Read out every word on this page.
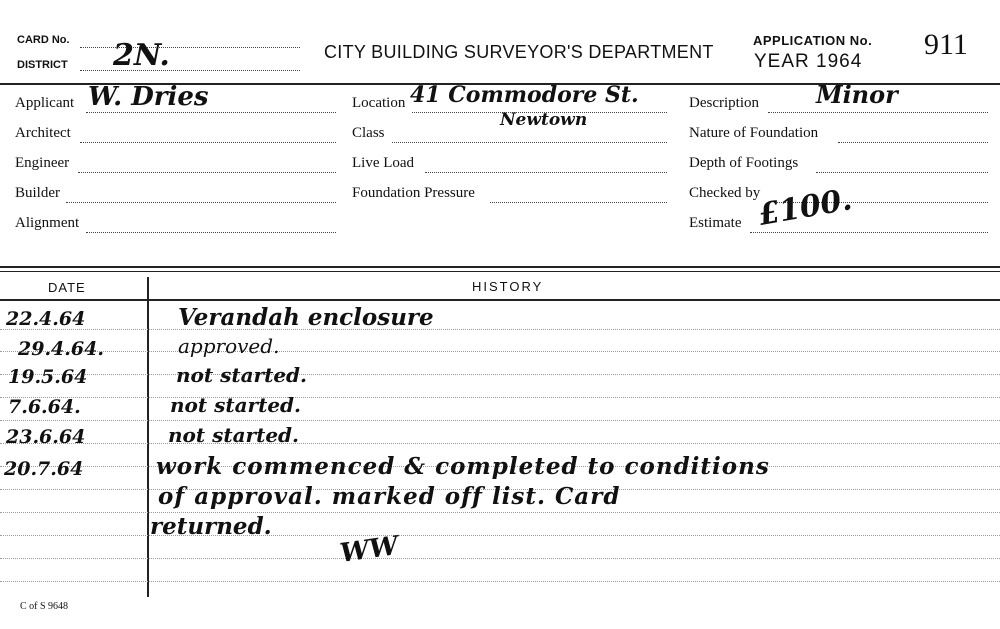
CARD No.
DISTRICT 2N.	CITY BUILDING SURVEYOR'S DEPARTMENT
APPLICATION No.
YEAR 1964
911
Applicant W. Dries
Architect
Engineer
Builder
Alignment
Location 41 Commodore St.
Class
Newtown
Live Load
Foundation Pressure
Description Minor
Nature of Foundation
Depth of Footings
Checked by
Estimate £100.
DATE	HISTORY
22.4.64	Verandah enclosure
29.4.64.	approved.
19.5.64	not started.
7.6.64.	not started.
23.6.64	not started.
20.7.64	work commenced & completed to conditions
of approval. marked off list. Card
returned.
WW
C of S 9648
